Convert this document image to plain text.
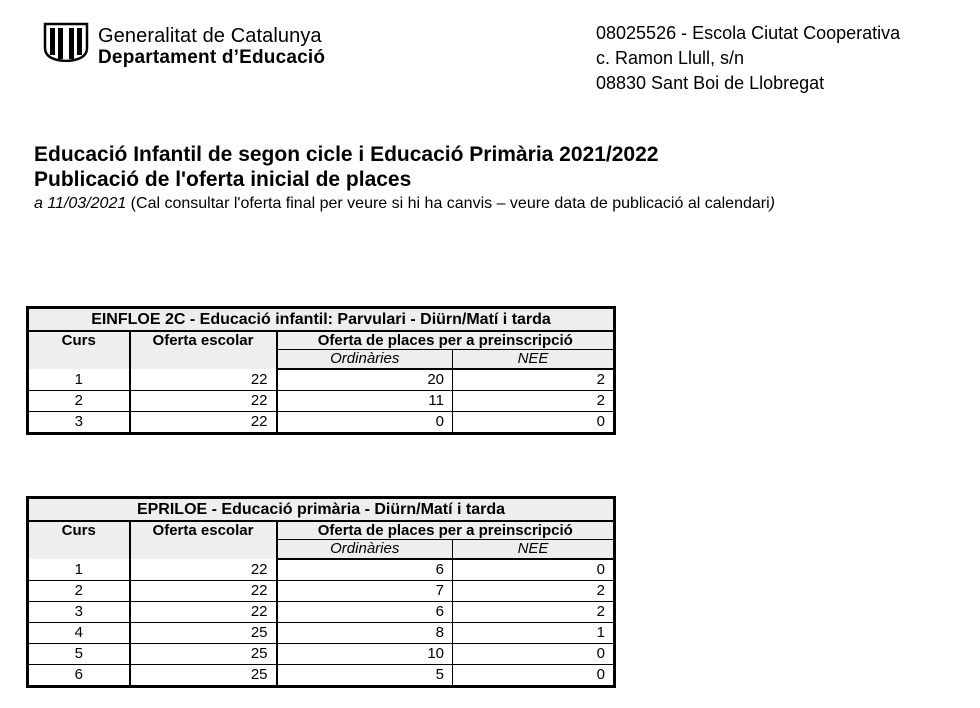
Generalitat de Catalunya
Departament d’Educació
08025526 - Escola Ciutat Cooperativa
c. Ramon Llull, s/n
08830 Sant Boi de Llobregat
Educació Infantil de segon cicle i Educació Primària 2021/2022
Publicació de l'oferta inicial de places
a 11/03/2021 (Cal consultar l'oferta final per veure si hi ha canvis – veure data de publicació al calendari)
EINFLOE 2C - Educació infantil: Parvulari - Diürn/Matí i tarda			
Curs	Oferta escolar	Oferta de places per a preinscripció	
		Ordinàries	NEE
1	22	20	2
2	22	11	2
3	22	0	0
EPRILOE - Educació primària - Diürn/Matí i tarda			
Curs	Oferta escolar	Oferta de places per a preinscripció	
		Ordinàries	NEE
1	22	6	0
2	22	7	2
3	22	6	2
4	25	8	1
5	25	10	0
6	25	5	0
